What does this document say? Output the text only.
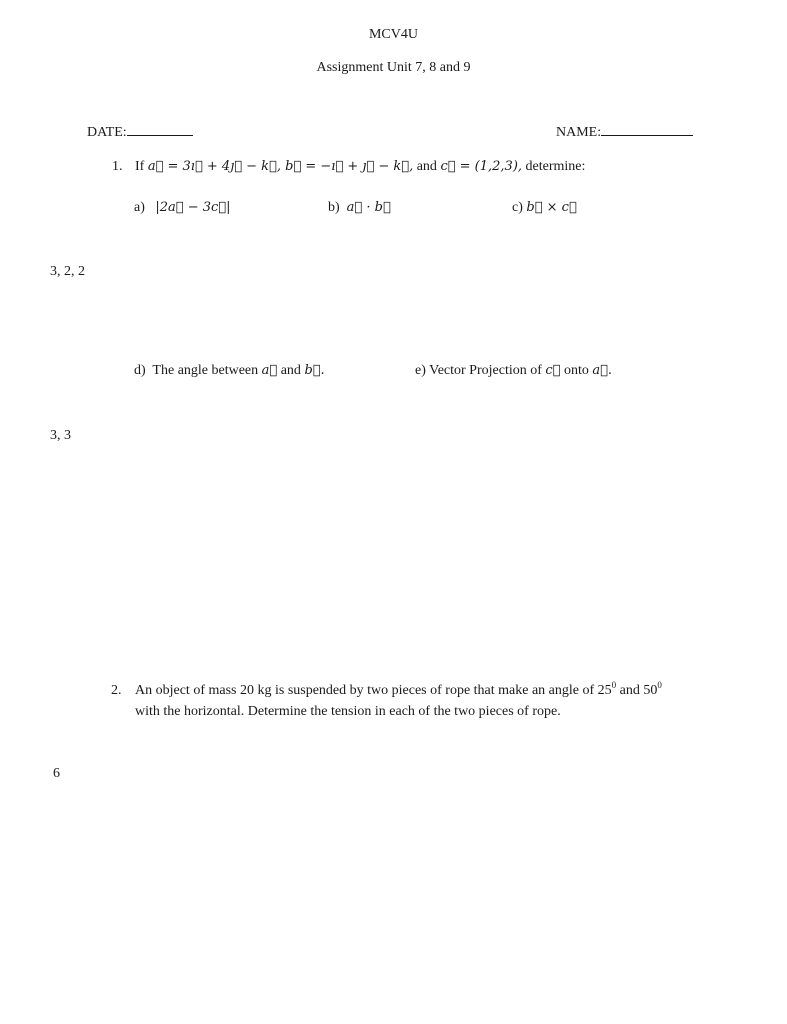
MCV4U
Assignment Unit 7, 8 and 9
DATE:	NAME:
1. If a⃗ = 3ı⃗ + 4ȷ⃗ − k⃗, b⃗ = −ı⃗ + ȷ⃗ − k⃗, and c⃗ = (1,2,3), determine:
a) |2a⃗ − 3c⃗|	b) a⃗ · b⃗	c) b⃗ × c⃗
3, 2, 2
d) The angle between a⃗ and b⃗.	e) Vector Projection of c⃗ onto a⃗.
3, 3
2. An object of mass 20 kg is suspended by two pieces of rope that make an angle of $25^0$ and $50^0$
with the horizontal. Determine the tension in each of the two pieces of rope.
6
